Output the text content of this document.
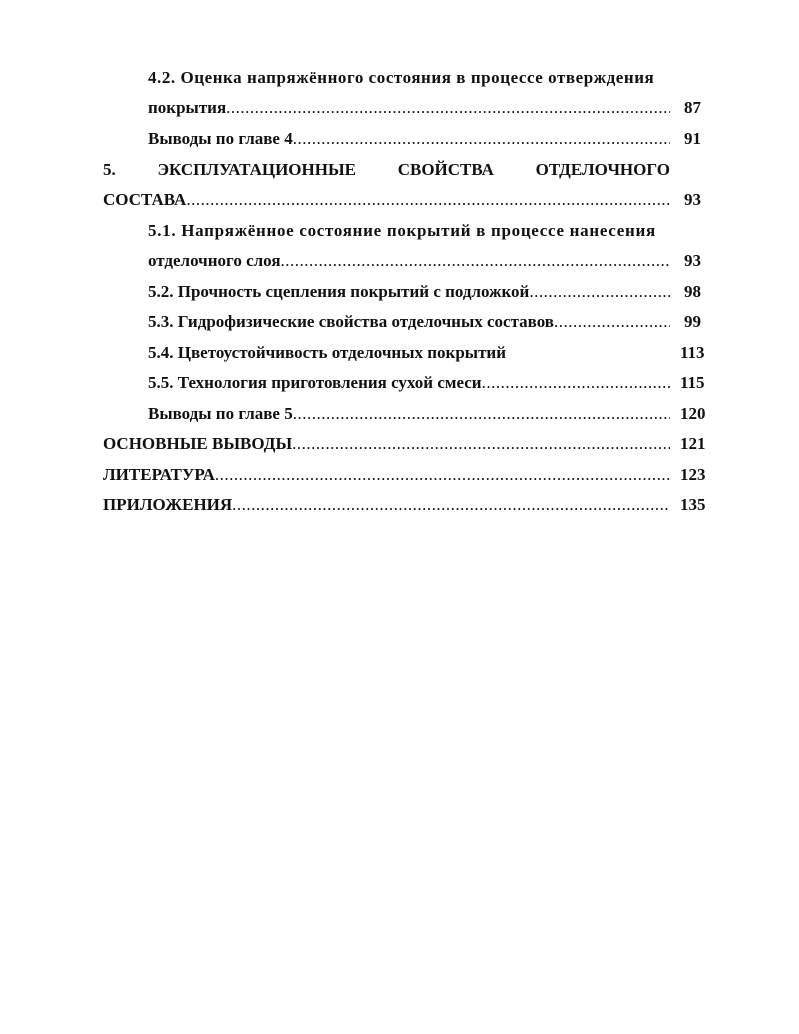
4.2. Оценка напряжённого состояния в процессе отверждения
покрытия .....	87
Выводы по главе 4 .....	91
5. ЭКСПЛУАТАЦИОННЫЕ СВОЙСТВА ОТДЕЛОЧНОГО
СОСТАВА .....	93
5.1. Напряжённое состояние покрытий в процессе нанесения
отделочного слоя .....	93
5.2. Прочность сцепления покрытий с подложкой .....	98
5.3. Гидрофизические свойства отделочных составов .....	99
5.4. Цветоустойчивость отделочных покрытий	113
5.5. Технология приготовления сухой смеси .....	115
Выводы по главе 5 .....	120
ОСНОВНЫЕ ВЫВОДЫ .....	121
ЛИТЕРАТУРА .....	123
ПРИЛОЖЕНИЯ .....	135
